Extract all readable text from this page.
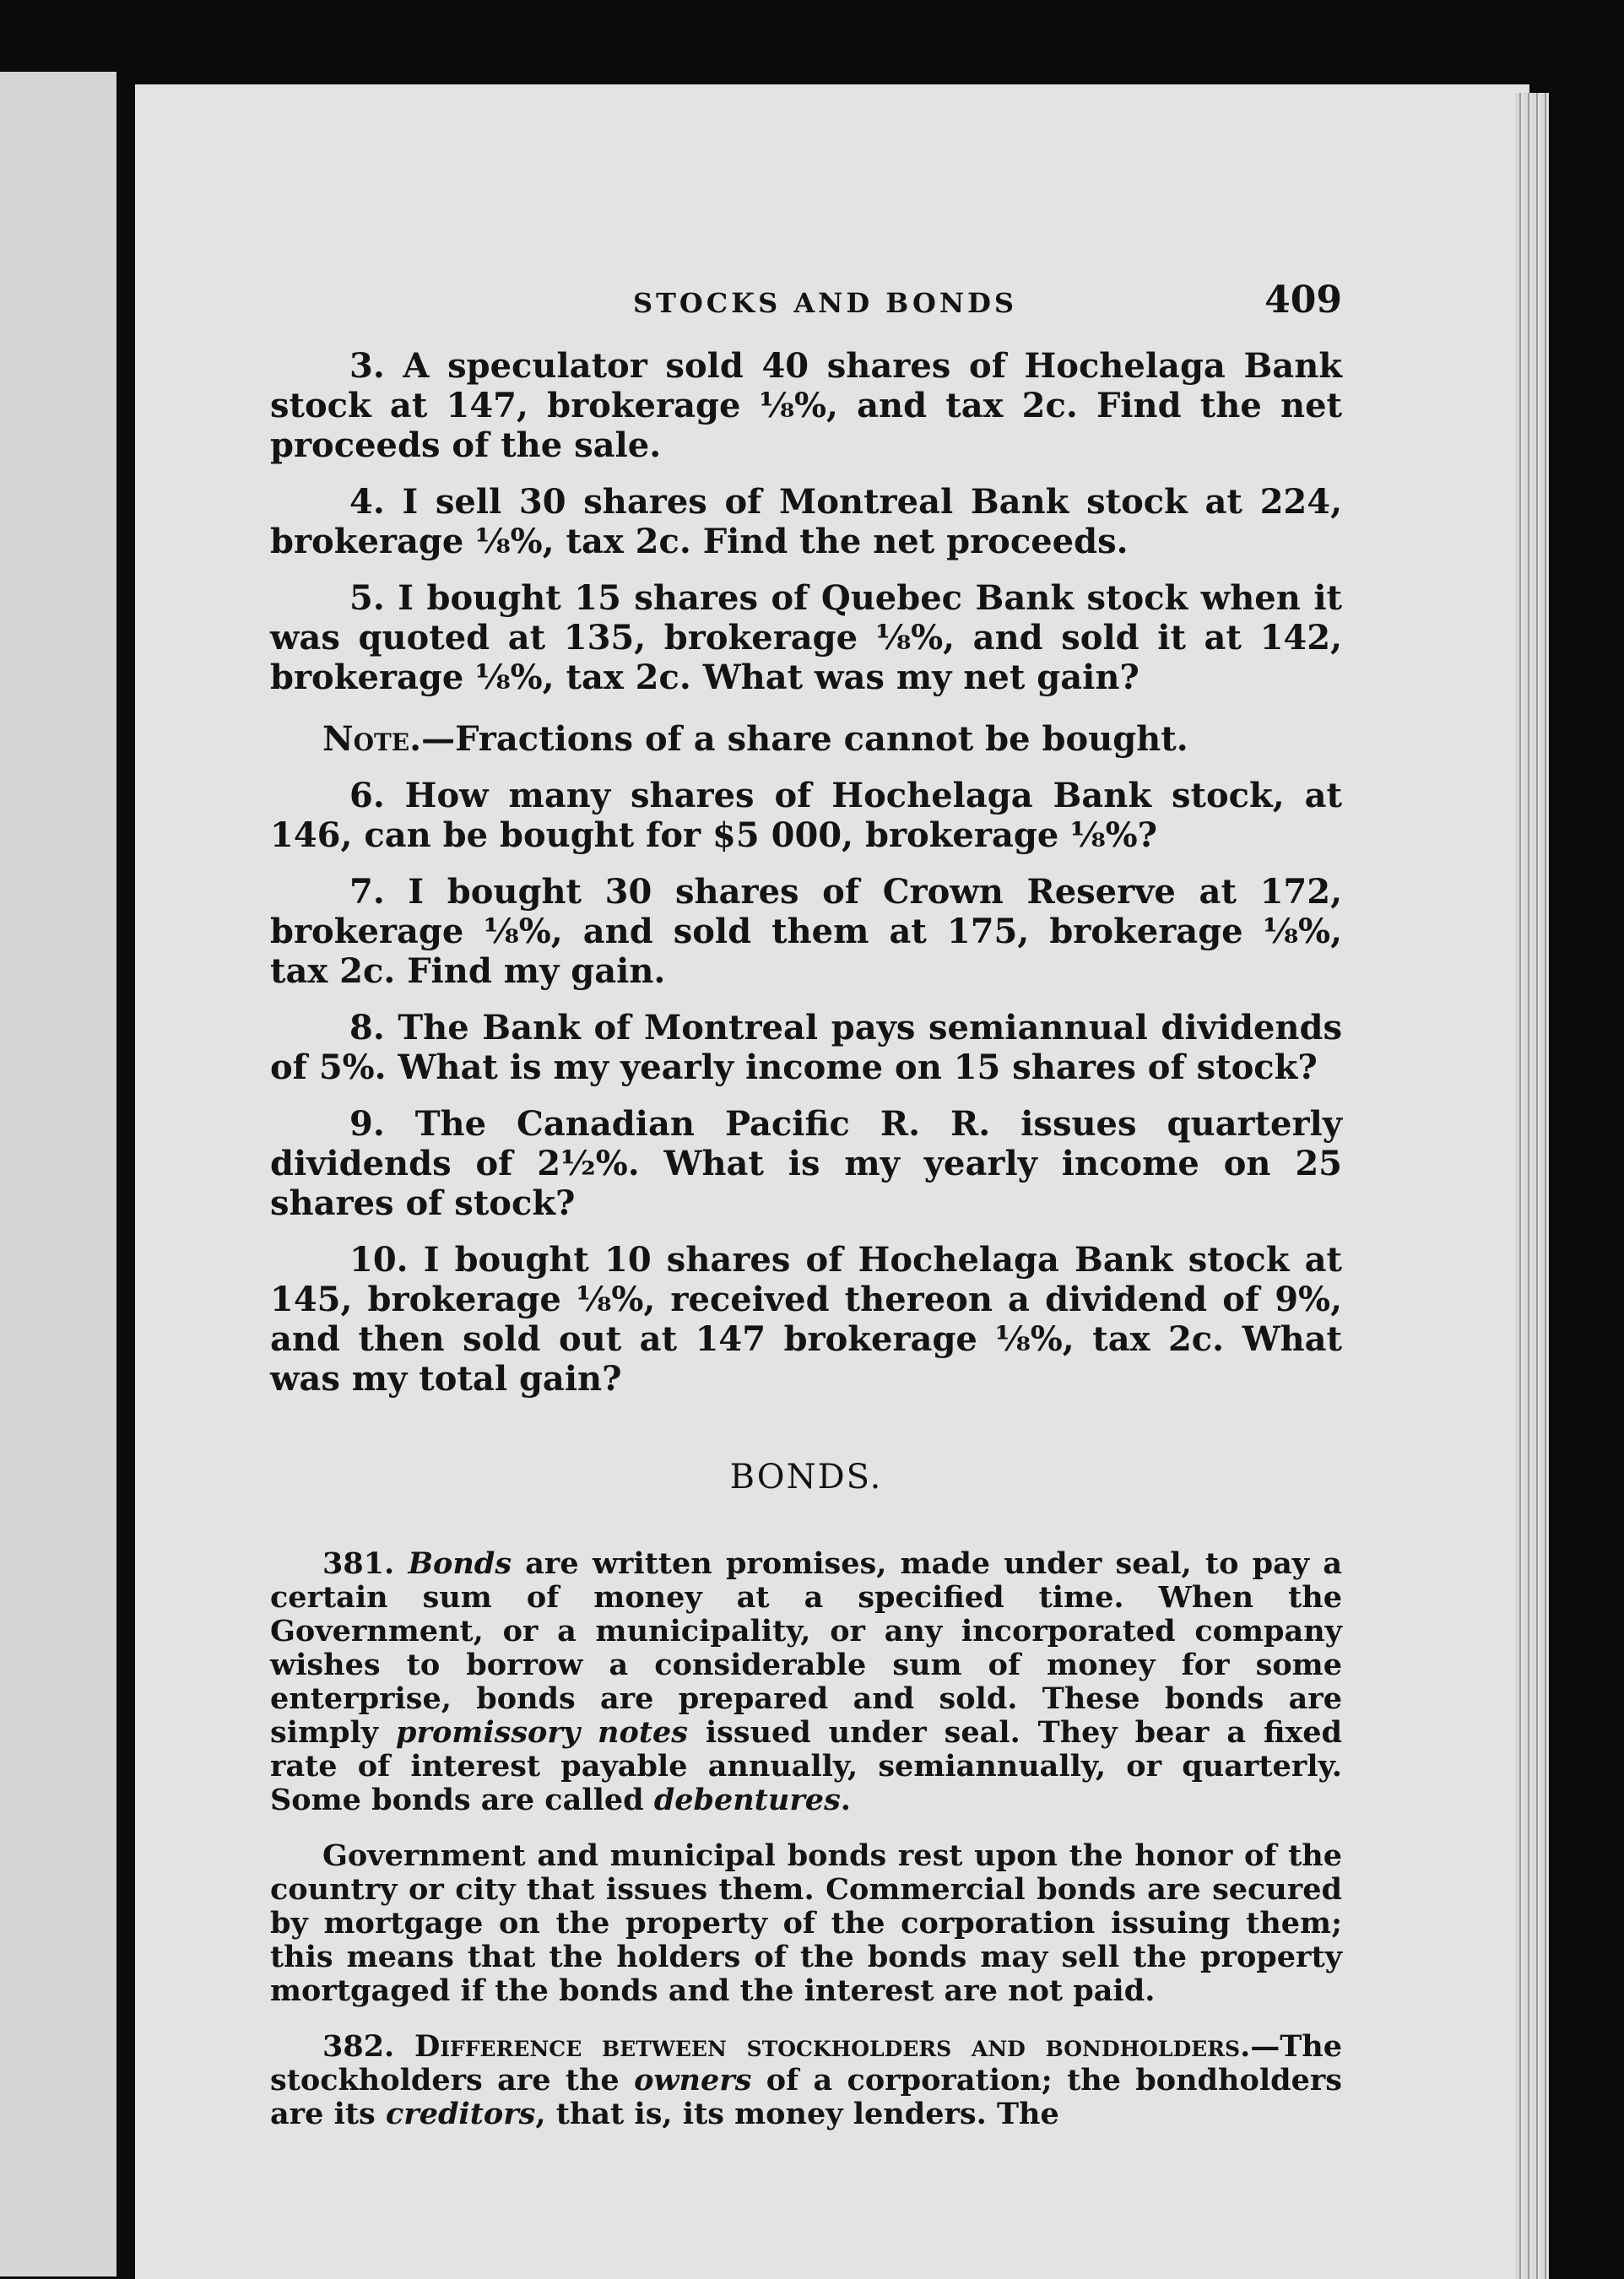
STOCKS AND BONDS	409

3. A speculator sold 40 shares of Hochelaga Bank stock at 147, brokerage ⅛%, and tax 2c. Find the net proceeds of the sale.

4. I sell 30 shares of Montreal Bank stock at 224, brokerage ⅛%, tax 2c. Find the net proceeds.

5. I bought 15 shares of Quebec Bank stock when it was quoted at 135, brokerage ⅛%, and sold it at 142, brokerage ⅛%, tax 2c. What was my net gain?

Note.—Fractions of a share cannot be bought.

6. How many shares of Hochelaga Bank stock, at 146, can be bought for $5 000, brokerage ⅛%?

7. I bought 30 shares of Crown Reserve at 172, brokerage ⅛%, and sold them at 175, brokerage ⅛%, tax 2c. Find my gain.

8. The Bank of Montreal pays semiannual dividends of 5%. What is my yearly income on 15 shares of stock?

9. The Canadian Pacific R. R. issues quarterly dividends of 2½%. What is my yearly income on 25 shares of stock?

10. I bought 10 shares of Hochelaga Bank stock at 145, brokerage ⅛%, received thereon a dividend of 9%, and then sold out at 147 brokerage ⅛%, tax 2c. What was my total gain?

BONDS.

381. Bonds are written promises, made under seal, to pay a certain sum of money at a specified time. When the Government, or a municipality, or any incorporated company wishes to borrow a considerable sum of money for some enterprise, bonds are prepared and sold. These bonds are simply promissory notes issued under seal. They bear a fixed rate of interest payable annually, semiannually, or quarterly. Some bonds are called debentures.

Government and municipal bonds rest upon the honor of the country or city that issues them. Commercial bonds are secured by mortgage on the property of the corporation issuing them; this means that the holders of the bonds may sell the property mortgaged if the bonds and the interest are not paid.

382. Difference between stockholders and bondholders.—The stockholders are the owners of a corporation; the bondholders are its creditors, that is, its money lenders. The
